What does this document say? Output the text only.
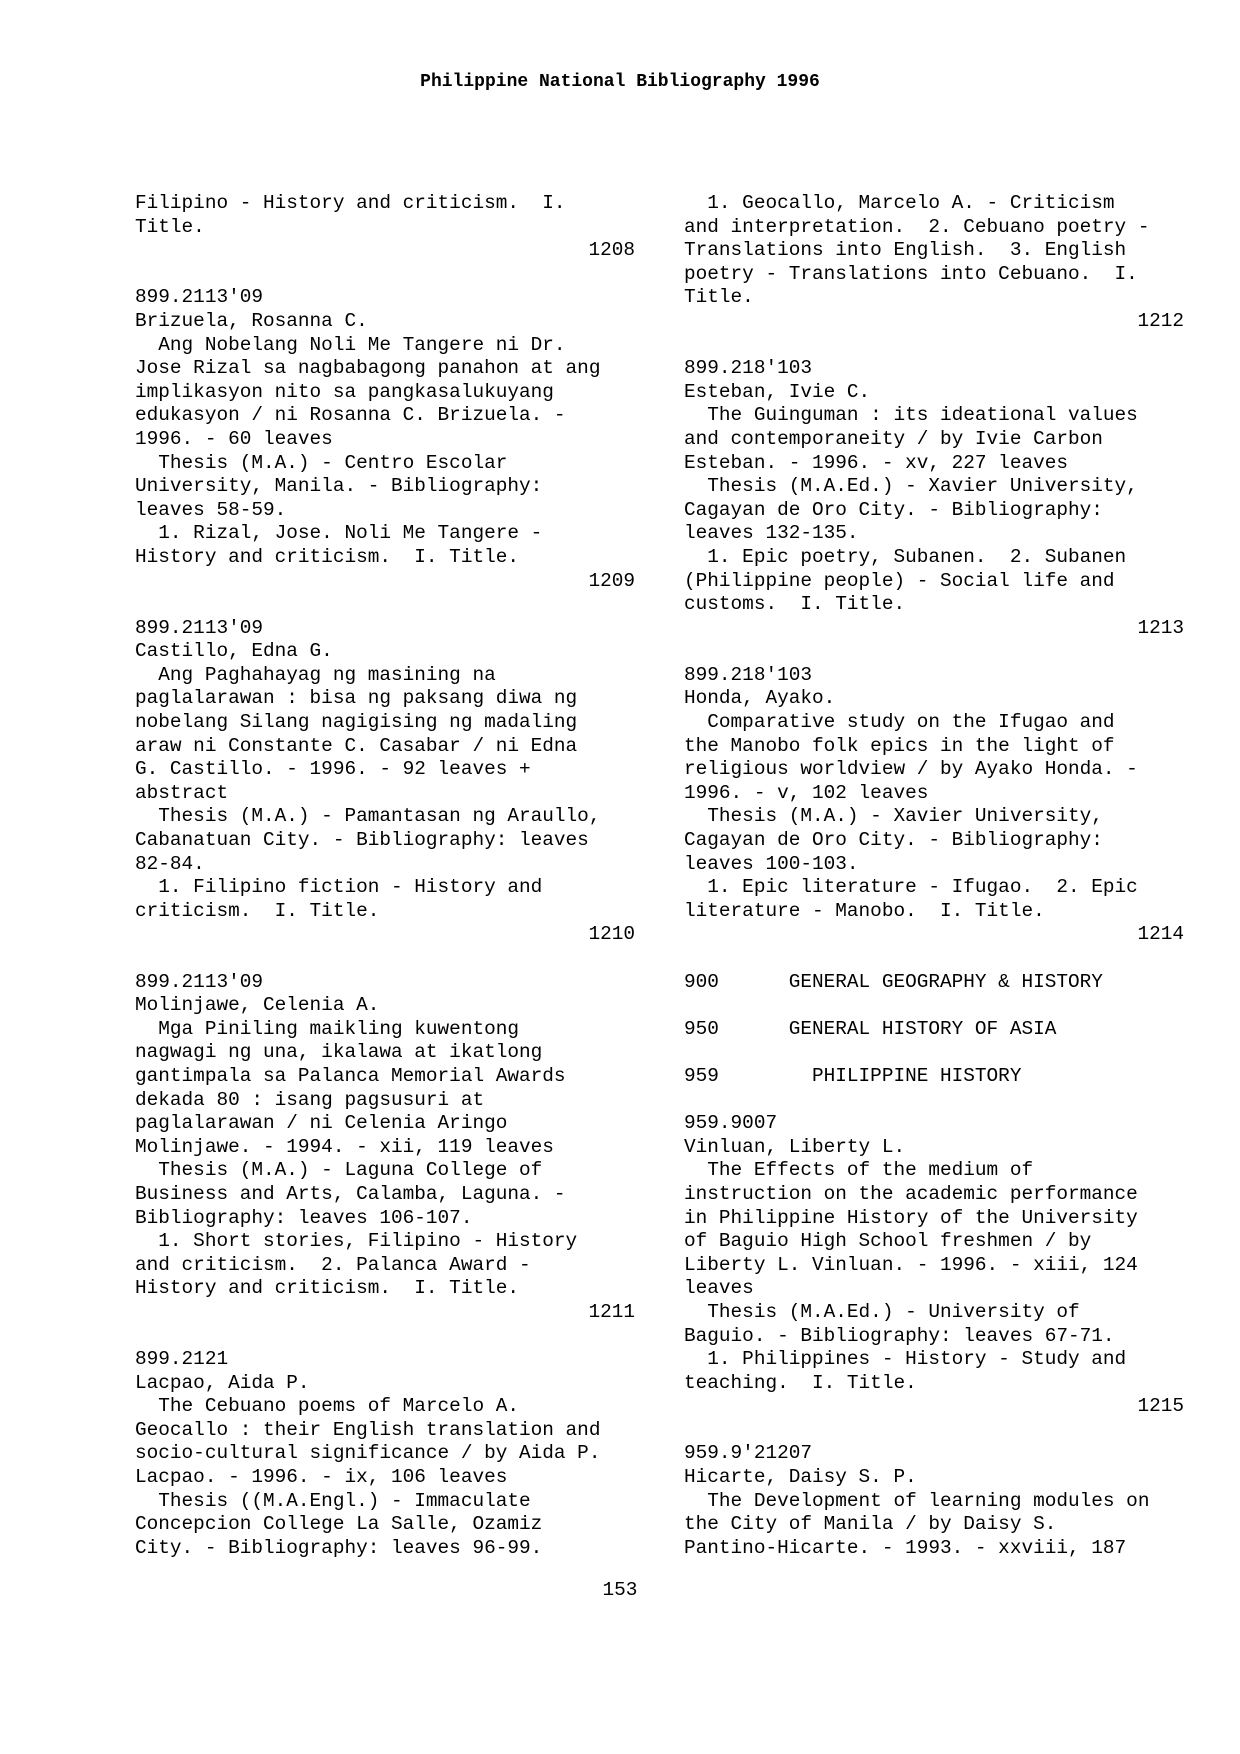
Philippine National Bibliography 1996
Filipino - History and criticism.  I.
Title.
1208
899.2113'09
Brizuela, Rosanna C.
Ang Nobelang Noli Me Tangere ni Dr.
Jose Rizal sa nagbabagong panahon at ang
implikasyon nito sa pangkasalukuyang
edukasyon / ni Rosanna C. Brizuela. -
1996. - 60 leaves
Thesis (M.A.) - Centro Escolar
University, Manila. - Bibliography:
leaves 58-59.
1. Rizal, Jose. Noli Me Tangere -
History and criticism.  I. Title.
1209
899.2113'09
Castillo, Edna G.
Ang Paghahayag ng masining na
paglalarawan : bisa ng paksang diwa ng
nobelang Silang nagigising ng madaling
araw ni Constante C. Casabar / ni Edna
G. Castillo. - 1996. - 92 leaves +
abstract
Thesis (M.A.) - Pamantasan ng Araullo,
Cabanatuan City. - Bibliography: leaves
82-84.
1. Filipino fiction - History and
criticism.  I. Title.
1210
899.2113'09
Molinjawe, Celenia A.
Mga Piniling maikling kuwentong
nagwagi ng una, ikalawa at ikatlong
gantimpala sa Palanca Memorial Awards
dekada 80 : isang pagsusuri at
paglalarawan / ni Celenia Aringo
Molinjawe. - 1994. - xii, 119 leaves
Thesis (M.A.) - Laguna College of
Business and Arts, Calamba, Laguna. -
Bibliography: leaves 106-107.
1. Short stories, Filipino - History
and criticism.  2. Palanca Award -
History and criticism.  I. Title.
1211
899.2121
Lacpao, Aida P.
The Cebuano poems of Marcelo A.
Geocallo : their English translation and
socio-cultural significance / by Aida P.
Lacpao. - 1996. - ix, 106 leaves
Thesis ((M.A.Engl.) - Immaculate
Concepcion College La Salle, Ozamiz
City. - Bibliography: leaves 96-99.
1. Geocallo, Marcelo A. - Criticism
and interpretation.  2. Cebuano poetry -
Translations into English.  3. English
poetry - Translations into Cebuano.  I.
Title.
1212
899.218'103
Esteban, Ivie C.
The Guinguman : its ideational values
and contemporaneity / by Ivie Carbon
Esteban. - 1996. - xv, 227 leaves
Thesis (M.A.Ed.) - Xavier University,
Cagayan de Oro City. - Bibliography:
leaves 132-135.
1. Epic poetry, Subanen.  2. Subanen
(Philippine people) - Social life and
customs.  I. Title.
1213
899.218'103
Honda, Ayako.
Comparative study on the Ifugao and
the Manobo folk epics in the light of
religious worldview / by Ayako Honda. -
1996. - v, 102 leaves
Thesis (M.A.) - Xavier University,
Cagayan de Oro City. - Bibliography:
leaves 100-103.
1. Epic literature - Ifugao.  2. Epic
literature - Manobo.  I. Title.
1214
900      GENERAL GEOGRAPHY & HISTORY
950      GENERAL HISTORY OF ASIA
959        PHILIPPINE HISTORY
959.9007
Vinluan, Liberty L.
The Effects of the medium of
instruction on the academic performance
in Philippine History of the University
of Baguio High School freshmen / by
Liberty L. Vinluan. - 1996. - xiii, 124
leaves
Thesis (M.A.Ed.) - University of
Baguio. - Bibliography: leaves 67-71.
1. Philippines - History - Study and
teaching.  I. Title.
1215
959.9'21207
Hicarte, Daisy S. P.
The Development of learning modules on
the City of Manila / by Daisy S.
Pantino-Hicarte. - 1993. - xxviii, 187
153
